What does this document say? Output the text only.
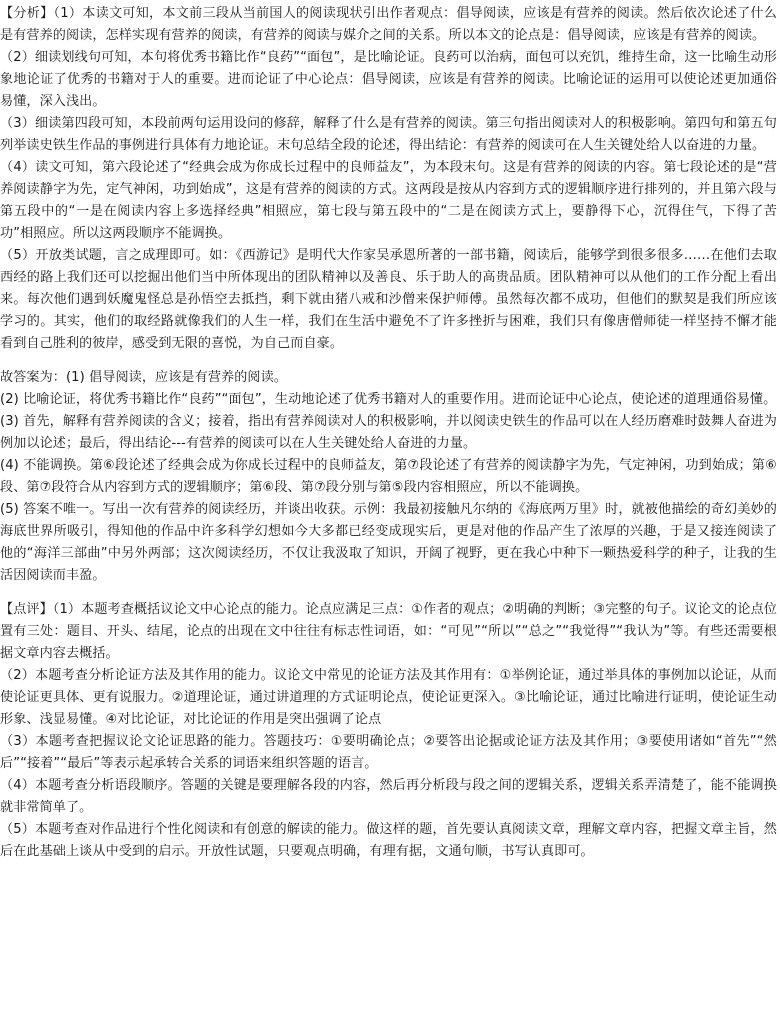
【分析】（1）本读文可知，本文前三段从当前国人的阅读现状引出作者观点：倡导阅读，应该是有营养的阅读。然后依次论述了什么是有营养的阅读，怎样实现有营养的阅读，有营养的阅读与媒介之间的关系。所以本文的论点是：倡导阅读，应该是有营养的阅读。

（2）细读划线句可知，本句将优秀书籍比作“良药”“面包”，是比喻论证。良药可以治病，面包可以充饥，维持生命，这一比喻生动形象地论证了优秀的书籍对于人的重要。进而论证了中心论点：倡导阅读，应该是有营养的阅读。比喻论证的运用可以使论述更加通俗易懂，深入浅出。

（3）细读第四段可知，本段前两句运用设问的修辞，解释了什么是有营养的阅读。第三句指出阅读对人的积极影响。第四句和第五句列举读史铁生作品的事例进行具体有力地论证。末句总结全段的论述，得出结论：有营养的阅读可在人生关键处给人以奋进的力量。

（4）读文可知，第六段论述了“经典会成为你成长过程中的良师益友”，为本段末句。这是有营养的阅读的内容。第七段论述的是“营养阅读静字为先，定气神闲，功到始成”，这是有营养的阅读的方式。这两段是按从内容到方式的逻辑顺序进行排列的，并且第六段与第五段中的“一是在阅读内容上多选择经典”相照应，第七段与第五段中的“二是在阅读方式上，要静得下心，沉得住气，下得了苦功”相照应。所以这两段顺序不能调换。

（5）开放类试题，言之成理即可。如：《西游记》是明代大作家吴承恩所著的一部书籍，阅读后，能够学到很多很多……在他们去取西经的路上我们还可以挖掘出他们当中所体现出的团队精神以及善良、乐于助人的高贵品质。团队精神可以从他们的工作分配上看出来。每次他们遇到妖魔鬼怪总是孙悟空去抵挡，剩下就由猪八戒和沙僧来保护师傅。虽然每次都不成功，但他们的默契是我们所应该学习的。其实，他们的取经路就像我们的人生一样，我们在生活中避免不了许多挫折与困难，我们只有像唐僧师徒一样坚持不懈才能看到自己胜利的彼岸，感受到无限的喜悦，为自己而自豪。

故答案为：(1) 倡导阅读，应该是有营养的阅读。

(2) 比喻论证，将优秀书籍比作“良药”“面包”，生动地论述了优秀书籍对人的重要作用。进而论证中心论点，使论述的道理通俗易懂。

(3) 首先，解释有营养阅读的含义；接着，指出有营养阅读对人的积极影响，并以阅读史铁生的作品可以在人经历磨难时鼓舞人奋进为例加以论述；最后，得出结论---有营养的阅读可以在人生关键处给人奋进的力量。

(4) 不能调换。第⑥段论述了经典会成为你成长过程中的良师益友，第⑦段论述了有营养的阅读静字为先，气定神闲，功到始成；第⑥段、第⑦段符合从内容到方式的逻辑顺序；第⑥段、第⑦段分别与第⑤段内容相照应，所以不能调换。

(5) 答案不唯一。写出一次有营养的阅读经历，并谈出收获。示例：我最初接触凡尔纳的《海底两万里》时，就被他描绘的奇幻美妙的海底世界所吸引，得知他的作品中许多科学幻想如今大多都已经变成现实后，更是对他的作品产生了浓厚的兴趣，于是又接连阅读了他的“海洋三部曲”中另外两部；这次阅读经历，不仅让我汲取了知识，开阔了视野，更在我心中种下一颗热爱科学的种子，让我的生活因阅读而丰盈。

【点评】（1）本题考查概括议论文中心论点的能力。论点应满足三点：①作者的观点；②明确的判断；③完整的句子。议论文的论点位置有三处：题目、开头、结尾，论点的出现在文中往往有标志性词语，如：“可见”“所以”“总之”“我觉得”“我认为”等。有些还需要根据文章内容去概括。

（2）本题考查分析论证方法及其作用的能力。议论文中常见的论证方法及其作用有：①举例论证，通过举具体的事例加以论证，从而使论证更具体、更有说服力。②道理论证，通过讲道理的方式证明论点，使论证更深入。③比喻论证，通过比喻进行证明，使论证生动形象、浅显易懂。④对比论证，对比论证的作用是突出强调了论点

（3）本题考查把握议论文论证思路的能力。答题技巧：①要明确论点；②要答出论据或论证方法及其作用；③要使用诸如“首先”“然后”“接着”“最后”等表示起承转合关系的词语来组织答题的语言。

（4）本题考查分析语段顺序。答题的关键是要理解各段的内容，然后再分析段与段之间的逻辑关系，逻辑关系弄清楚了，能不能调换就非常简单了。

（5）本题考查对作品进行个性化阅读和有创意的解读的能力。做这样的题，首先要认真阅读文章，理解文章内容，把握文章主旨，然后在此基础上谈从中受到的启示。开放性试题，只要观点明确，有理有据，文通句顺，书写认真即可。
